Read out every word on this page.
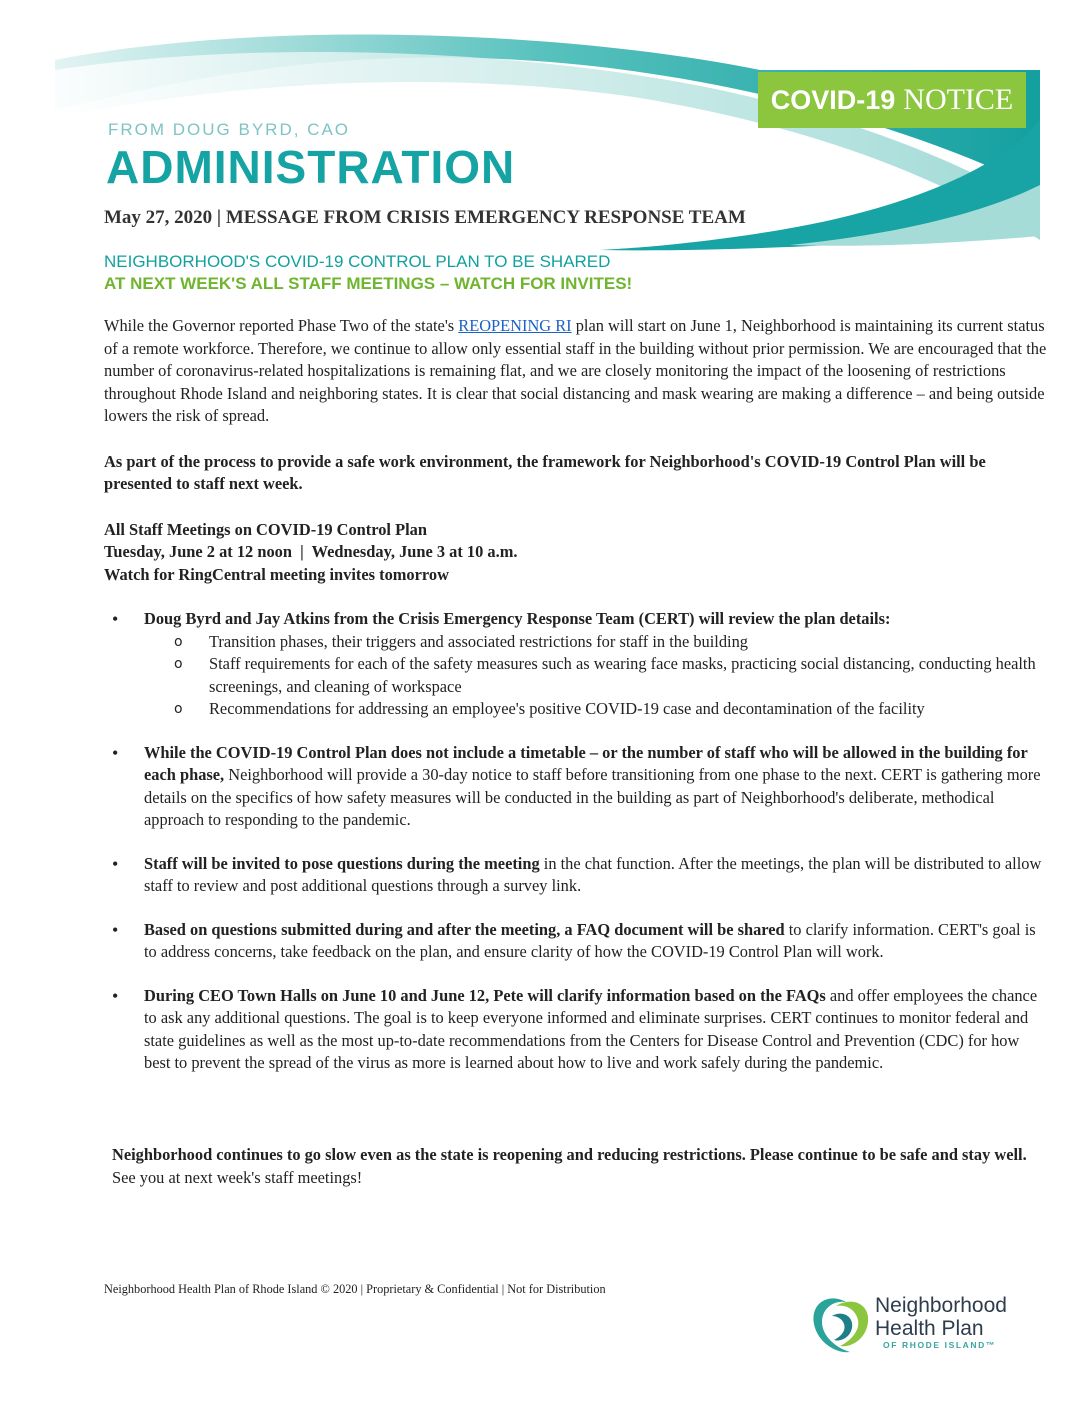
COVID-19 NOTICE
FROM DOUG BYRD, CAO
ADMINISTRATION
May 27, 2020 | MESSAGE FROM CRISIS EMERGENCY RESPONSE TEAM
NEIGHBORHOOD'S COVID-19 CONTROL PLAN TO BE SHARED
AT NEXT WEEK'S ALL STAFF MEETINGS – WATCH FOR INVITES!

While the Governor reported Phase Two of the state's REOPENING RI plan will start on June 1, Neighborhood is maintaining its current status of a remote workforce. Therefore, we continue to allow only essential staff in the building without prior permission. We are encouraged that the number of coronavirus-related hospitalizations is remaining flat, and we are closely monitoring the impact of the loosening of restrictions throughout Rhode Island and neighboring states. It is clear that social distancing and mask wearing are making a difference – and being outside lowers the risk of spread.

As part of the process to provide a safe work environment, the framework for Neighborhood's COVID-19 Control Plan will be presented to staff next week.

All Staff Meetings on COVID-19 Control Plan
Tuesday, June 2 at 12 noon  |  Wednesday, June 3 at 10 a.m.
Watch for RingCentral meeting invites tomorrow
• Doug Byrd and Jay Atkins from the Crisis Emergency Response Team (CERT) will review the plan details:
o Transition phases, their triggers and associated restrictions for staff in the building
o Staff requirements for each of the safety measures such as wearing face masks, practicing social distancing, conducting health screenings, and cleaning of workspace
o Recommendations for addressing an employee's positive COVID-19 case and decontamination of the facility
• While the COVID-19 Control Plan does not include a timetable – or the number of staff who will be allowed in the building for each phase, Neighborhood will provide a 30-day notice to staff before transitioning from one phase to the next. CERT is gathering more details on the specifics of how safety measures will be conducted in the building as part of Neighborhood's deliberate, methodical approach to responding to the pandemic.
• Staff will be invited to pose questions during the meeting in the chat function. After the meetings, the plan will be distributed to allow staff to review and post additional questions through a survey link.
• Based on questions submitted during and after the meeting, a FAQ document will be shared to clarify information. CERT's goal is to address concerns, take feedback on the plan, and ensure clarity of how the COVID-19 Control Plan will work.
• During CEO Town Halls on June 10 and June 12, Pete will clarify information based on the FAQs and offer employees the chance to ask any additional questions. The goal is to keep everyone informed and eliminate surprises. CERT continues to monitor federal and state guidelines as well as the most up-to-date recommendations from the Centers for Disease Control and Prevention (CDC) for how best to prevent the spread of the virus as more is learned about how to live and work safely during the pandemic.
Neighborhood continues to go slow even as the state is reopening and reducing restrictions. Please continue to be safe and stay well. See you at next week's staff meetings!
Neighborhood Health Plan of Rhode Island © 2020 | Proprietary & Confidential | Not for Distribution
Neighborhood
Health Plan
OF RHODE ISLAND™
